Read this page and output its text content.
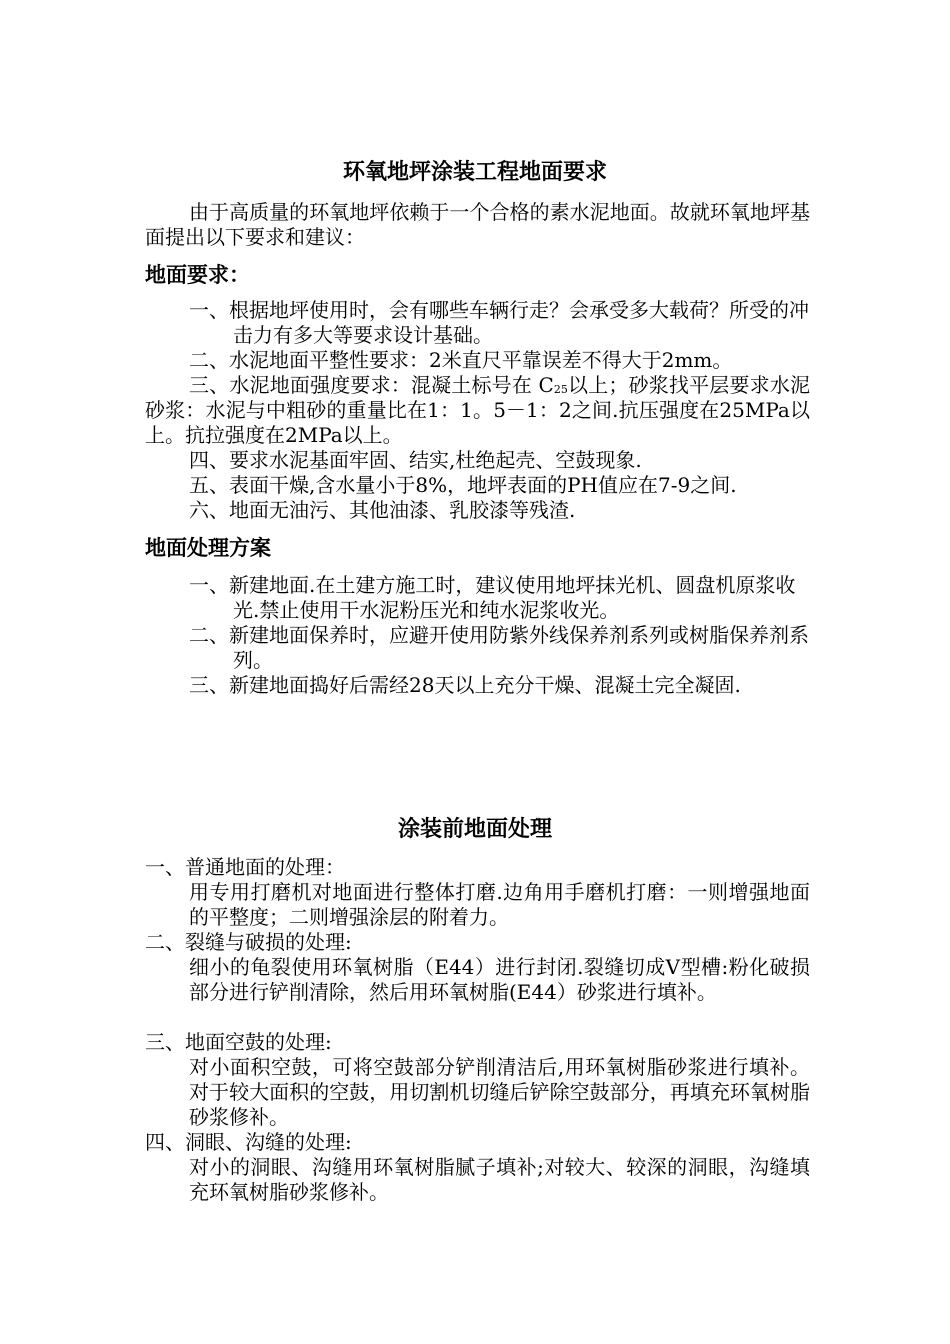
环氧地坪涂装工程地面要求
由于高质量的环氧地坪依赖于一个合格的素水泥地面。故就环氧地坪基面提出以下要求和建议：
地面要求：
一、根据地坪使用时，会有哪些车辆行走？会承受多大载荷？所受的冲击力有多大等要求设计基础。
二、水泥地面平整性要求：2米直尺平靠误差不得大于2mm。
三、水泥地面强度要求：混凝土标号在 $C_{25}$以上；砂浆找平层要求水泥砂浆：水泥与中粗砂的重量比在1：1。5－1：2之间.抗压强度在25MPa以上。抗拉强度在2MPa以上。
四、要求水泥基面牢固、结实,杜绝起壳、空鼓现象.
五、表面干燥,含水量小于8%，地坪表面的PH值应在7-9之间.
六、地面无油污、其他油漆、乳胶漆等残渣.
地面处理方案
一、新建地面.在土建方施工时，建议使用地坪抹光机、圆盘机原浆收光.禁止使用干水泥粉压光和纯水泥浆收光。
二、新建地面保养时，应避开使用防紫外线保养剂系列或树脂保养剂系列。
三、新建地面捣好后需经28天以上充分干燥、混凝土完全凝固.
涂装前地面处理
一、普通地面的处理：
用专用打磨机对地面进行整体打磨.边角用手磨机打磨：一则增强地面的平整度；二则增强涂层的附着力。
二、裂缝与破损的处理:
细小的龟裂使用环氧树脂（E44）进行封闭.裂缝切成V型槽:粉化破损部分进行铲削清除，然后用环氧树脂(E44）砂浆进行填补。
三、地面空鼓的处理:
对小面积空鼓，可将空鼓部分铲削清洁后,用环氧树脂砂浆进行填补。对于较大面积的空鼓，用切割机切缝后铲除空鼓部分，再填充环氧树脂砂浆修补。
四、洞眼、沟缝的处理:
对小的洞眼、沟缝用环氧树脂腻子填补;对较大、较深的洞眼，沟缝填充环氧树脂砂浆修补。
